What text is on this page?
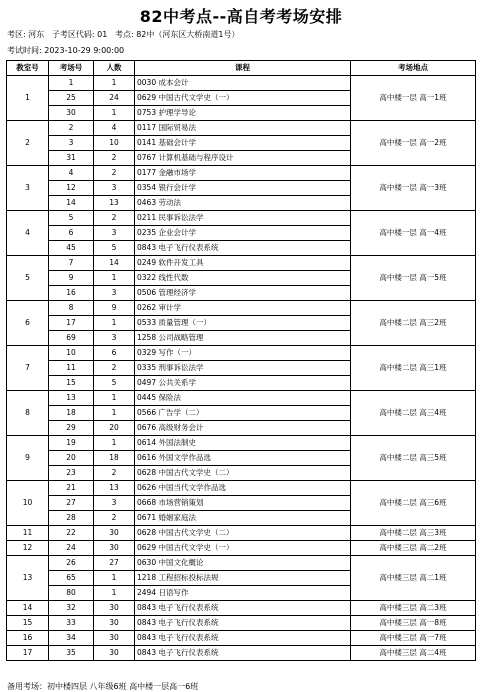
82中考点--高自考考场安排
考区: 河东 子考区代码: 01 考点: 82中（河东区大桥南道1号）
考试时间: 2023-10-29 9:00:00
教室号	考场号	人数	课程	考场地点
1	1	1	0030 成本会计	高中楼一层 高一1班
	25	24	0629 中国古代文学史（一）	
	30	1	0753 护理学导论	
2	2	4	0117 国际贸易法	高中楼一层 高一2班
	3	10	0141 基础会计学	
	31	2	0767 计算机基础与程序设计	
3	4	2	0177 金融市场学	高中楼一层 高一3班
	12	3	0354 银行会计学	
	14	13	0463 劳动法	
4	5	2	0211 民事诉讼法学	高中楼一层 高一4班
	6	3	0235 企业会计学	
	45	5	0843 电子飞行仪表系统	
5	7	14	0249 软件开发工具	高中楼一层 高一5班
	9	1	0322 线性代数	
	16	3	0506 管理经济学	
6	8	9	0262 审计学	高中楼二层 高三2班
	17	1	0533 质量管理（一）	
	69	3	1258 公司战略管理	
7	10	6	0329 写作（一）	高中楼二层 高三1班
	11	2	0335 刑事诉讼法学	
	15	5	0497 公共关系学	
8	13	1	0445 保险法	高中楼二层 高三4班
	18	1	0566 广告学（二）	
	29	20	0676 高级财务会计	
9	19	1	0614 外国法制史	高中楼二层 高三5班
	20	18	0616 外国文学作品选	
	23	2	0628 中国古代文学史（二）	
10	21	13	0626 中国当代文学作品选	高中楼二层 高三6班
	27	3	0668 市场营销策划	
	28	2	0671 婚姻家庭法	
11	22	30	0628 中国古代文学史（二）	高中楼二层 高三3班
12	24	30	0629 中国古代文学史（一）	高中楼三层 高二2班
13	26	27	0630 中国文化概论	高中楼三层 高二1班
	65	1	1218 工程招标投标法规	
	80	1	2494 日语写作	
14	32	30	0843 电子飞行仪表系统	高中楼三层 高二3班
15	33	30	0843 电子飞行仪表系统	高中楼三层 高一8班
16	34	30	0843 电子飞行仪表系统	高中楼三层 高一7班
17	35	30	0843 电子飞行仪表系统	高中楼三层 高二4班
备用考场：初中楼四层 八年级6班 高中楼一层高一6班
